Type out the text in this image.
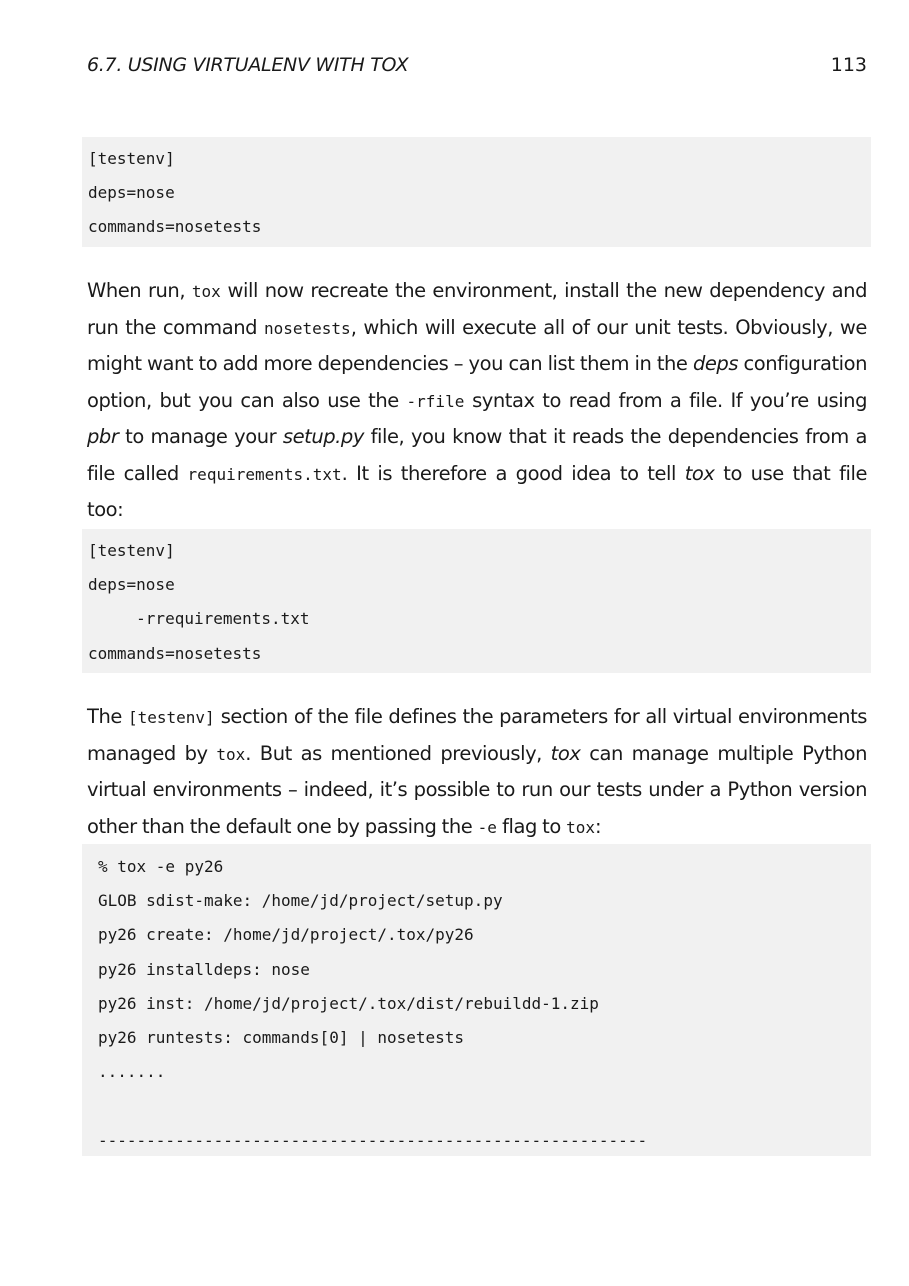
6.7. USING VIRTUALENV WITH TOX	113
[testenv]
deps=nose
commands=nosetests
When run, tox will now recreate the environment, install the new dependency and
run the command nosetests, which will execute all of our unit tests. Obviously, we
might want to add more dependencies – you can list them in the deps configuration
option, but you can also use the -rfile syntax to read from a file. If you’re using
pbr to manage your setup.py file, you know that it reads the dependencies from a
file called requirements.txt. It is therefore a good idea to tell tox to use that file
too:
[testenv]
deps=nose
-rrequirements.txt
commands=nosetests
The [testenv] section of the file defines the parameters for all virtual environments
managed by tox. But as mentioned previously, tox can manage multiple Python
virtual environments – indeed, it’s possible to run our tests under a Python version
other than the default one by passing the -e flag to tox:
% tox -e py26
GLOB sdist-make: /home/jd/project/setup.py
py26 create: /home/jd/project/.tox/py26
py26 installdeps: nose
py26 inst: /home/jd/project/.tox/dist/rebuildd-1.zip
py26 runtests: commands[0] | nosetests
.......
---------------------------------------------------------
